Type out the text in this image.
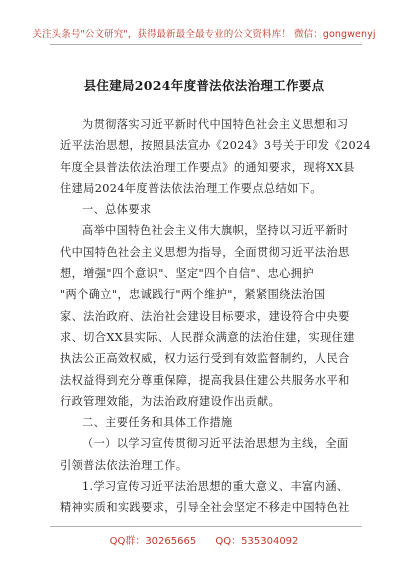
关注头条号"公文研究"，获得最新最全最专业的公文资料库！ 微信：gongwenyj
县住建局2024年度普法依法治理工作要点
为贯彻落实习近平新时代中国特色社会主义思想和习
近平法治思想，按照县法宣办《2024》3号关于印发《2024
年度全县普法依法治理工作要点》的通知要求，现将XX县
住建局2024年度普法依法治理工作要点总结如下。
一、总体要求
高举中国特色社会主义伟大旗帜，坚持以习近平新时
代中国特色社会主义思想为指导，全面贯彻习近平法治思
想，增强"四个意识"、坚定"四个自信"、忠心拥护
"两个确立"，忠诚践行"两个维护"，紧紧围绕法治国
家、法治政府、法治社会建设目标要求，建设符合中央要
求、切合XX县实际、人民群众满意的法治住建，实现住建
执法公正高效权威，权力运行受到有效监督制约，人民合
法权益得到充分尊重保障，提高我县住建公共服务水平和
行政管理效能，为法治政府建设作出贡献。
二、主要任务和具体工作措施
（一）以学习宣传贯彻习近平法治思想为主线，全面
引领普法依法治理工作。
1.学习宣传习近平法治思想的重大意义、丰富内涵、
精神实质和实践要求，引导全社会坚定不移走中国特色社
QQ群：30265665 QQ：535304092
